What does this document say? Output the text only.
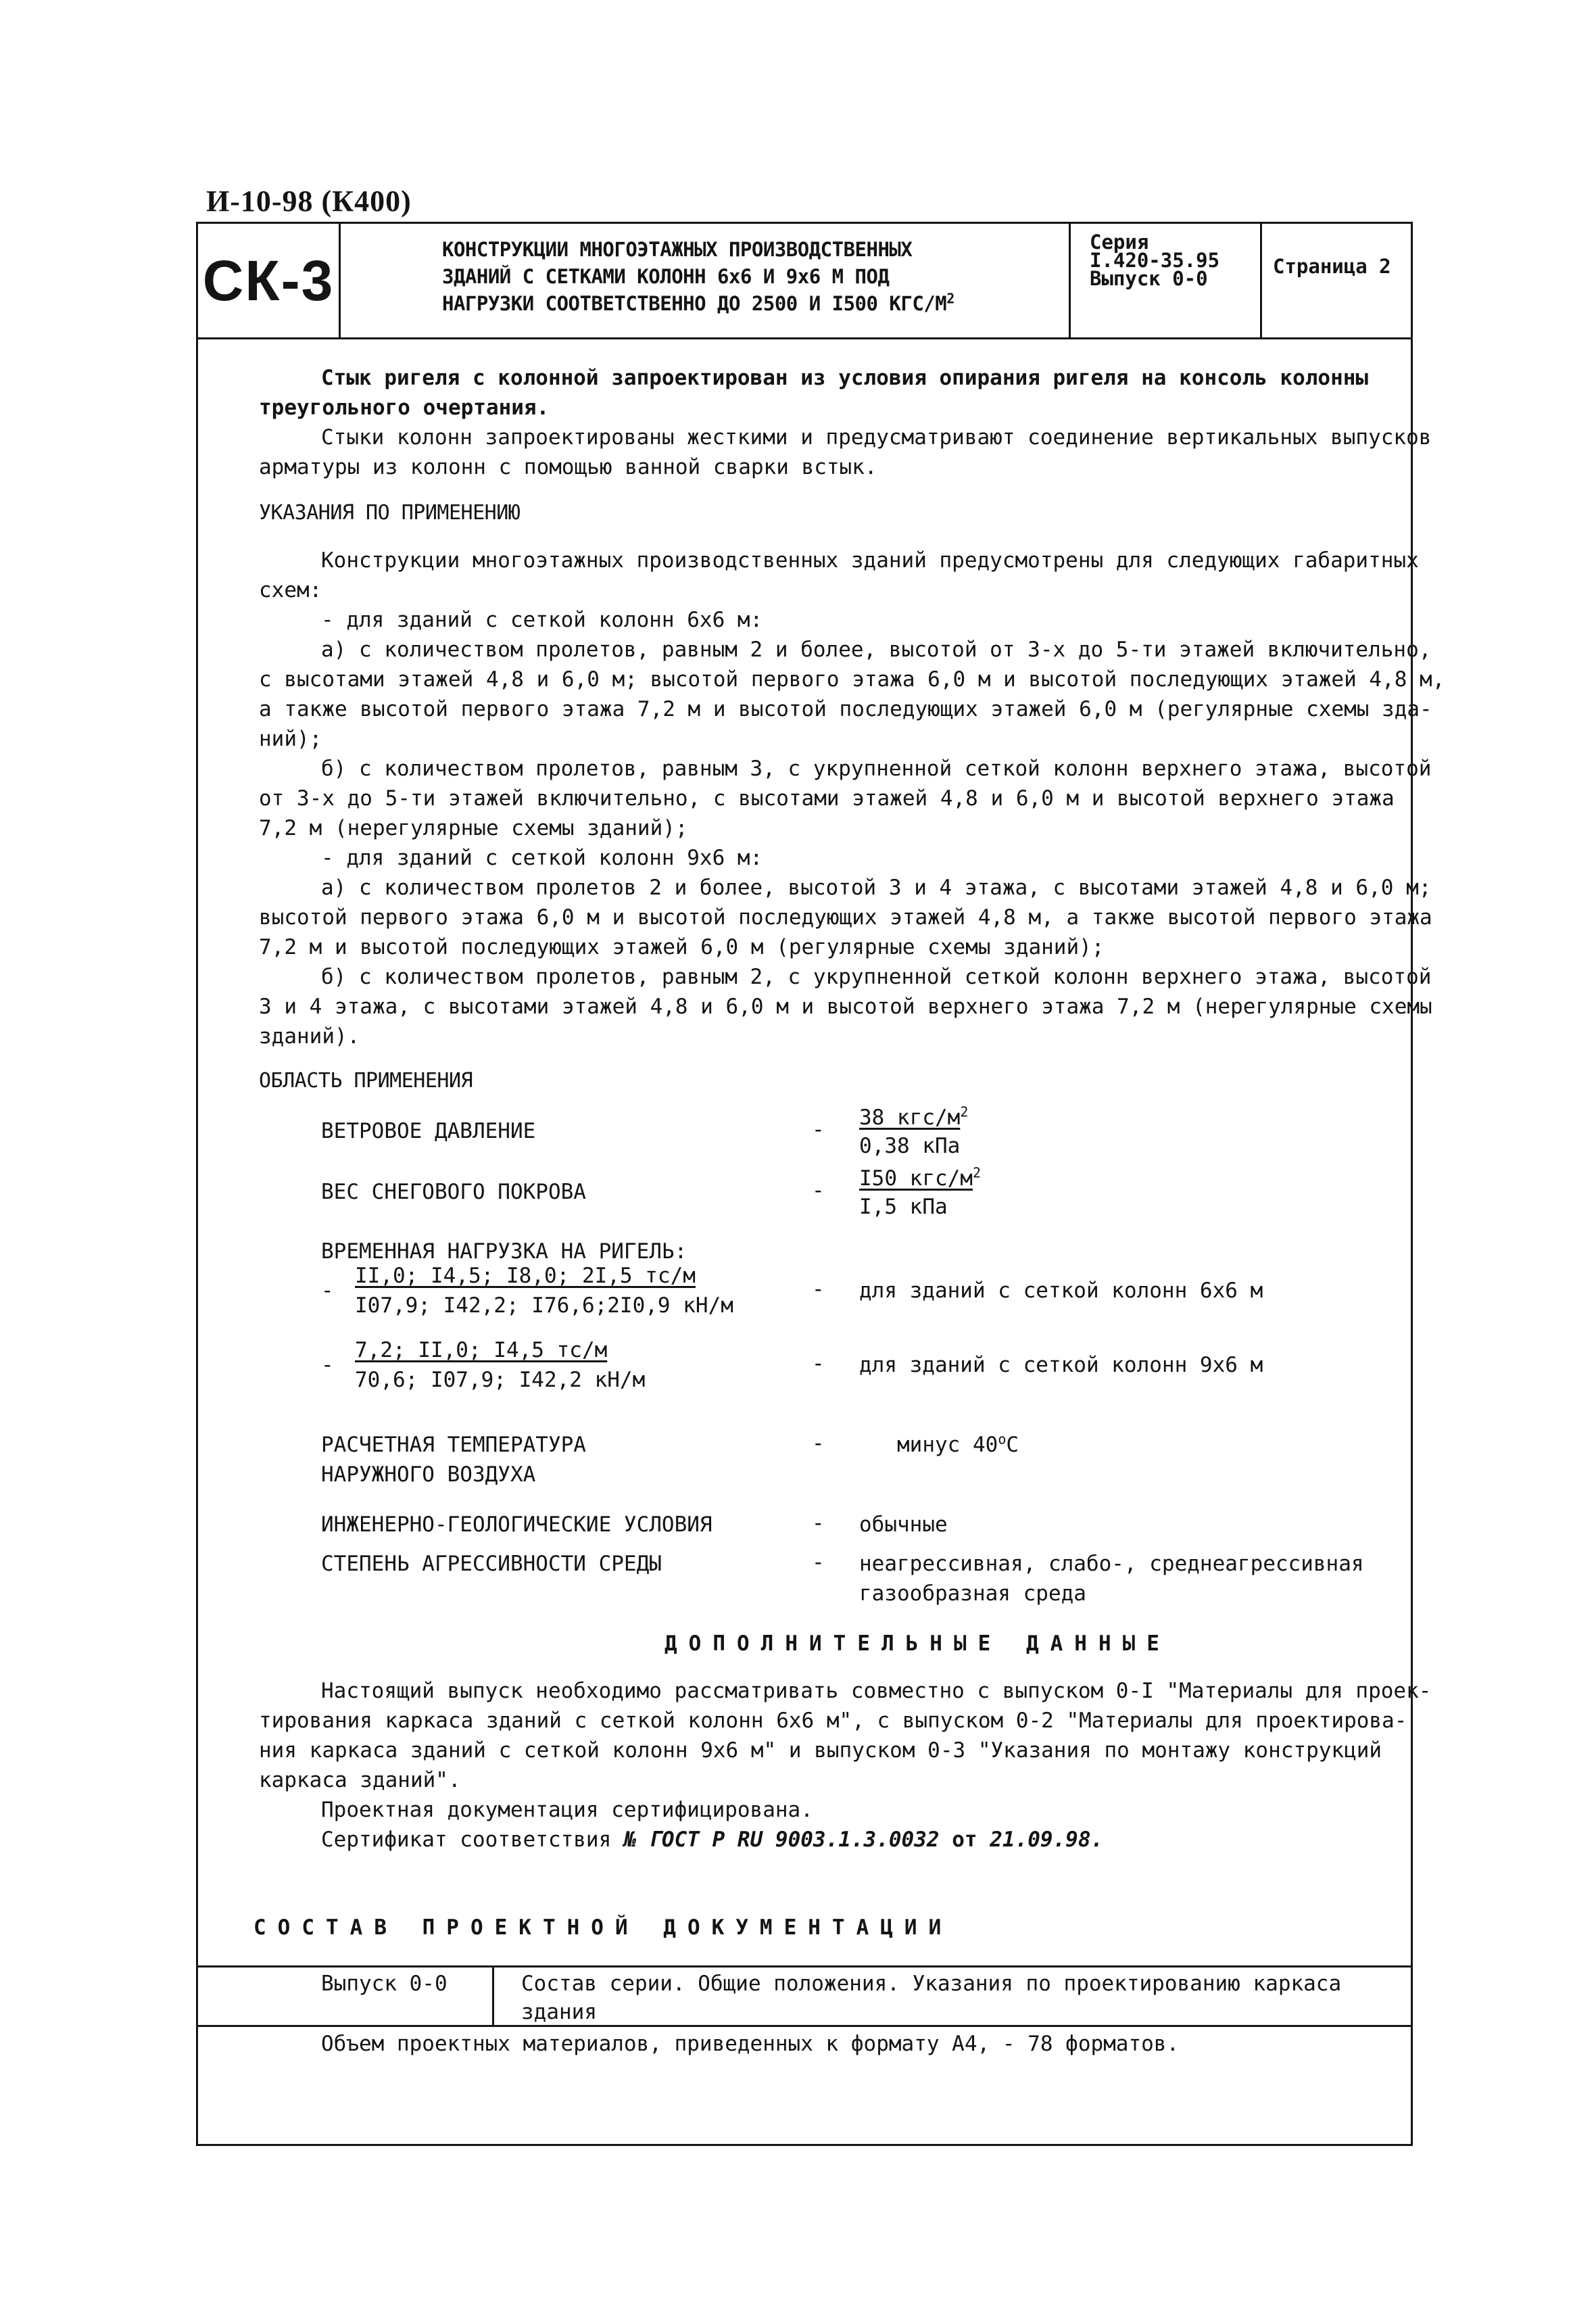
И-10-98 (К400)
СК-3	КОНСТРУКЦИИ МНОГОЭТАЖНЫХ ПРОИЗВОДСТВЕННЫХ
ЗДАНИЙ С СЕТКАМИ КОЛОНН 6х6 И 9х6 М ПОД
НАГРУЗКИ СООТВЕТСТВЕННО ДО 2500 И I500 КГС/$М^2$
Серия
I.420-35.95
Выпуск 0-0
Страница 2
Стык ригеля с колонной запроектирован из условия опирания ригеля на консоль колонны
треугольного очертания.
Стыки колонн запроектированы жесткими и предусматривают соединение вертикальных выпусков
арматуры из колонн с помощью ванной сварки встык.
УКАЗАНИЯ ПО ПРИМЕНЕНИЮ
Конструкции многоэтажных производственных зданий предусмотрены для следующих габаритных
схем:
- для зданий с сеткой колонн 6х6 м:
а) с количеством пролетов, равным 2 и более, высотой от 3-х до 5-ти этажей включительно,
с высотами этажей 4,8 и 6,0 м; высотой первого этажа 6,0 м и высотой последующих этажей 4,8 м,
а также высотой первого этажа 7,2 м и высотой последующих этажей 6,0 м (регулярные схемы зда-
ний);
б) с количеством пролетов, равным 3, с укрупненной сеткой колонн верхнего этажа, высотой
от 3-х до 5-ти этажей включительно, с высотами этажей 4,8 и 6,0 м и высотой верхнего этажа
7,2 м (нерегулярные схемы зданий);
- для зданий с сеткой колонн 9х6 м:
а) с количеством пролетов 2 и более, высотой 3 и 4 этажа, с высотами этажей 4,8 и 6,0 м;
высотой первого этажа 6,0 м и высотой последующих этажей 4,8 м, а также высотой первого этажа
7,2 м и высотой последующих этажей 6,0 м (регулярные схемы зданий);
б) с количеством пролетов, равным 2, с укрупненной сеткой колонн верхнего этажа, высотой
3 и 4 этажа, с высотами этажей 4,8 и 6,0 м и высотой верхнего этажа 7,2 м (нерегулярные схемы
зданий).
ОБЛАСТЬ ПРИМЕНЕНИЯ
ВЕТРОВОЕ ДАВЛЕНИЕ	- 38 кгс/$м^2$
0,38 кПа
ВЕС СНЕГОВОГО ПОКРОВА	- I50 кгс/$м^2$
I,5 кПа
ВРЕМЕННАЯ НАГРУЗКА НА РИГЕЛЬ:
-
II,0; I4,5; I8,0; 2I,5 тс/м
I07,9; I42,2; I76,6;2I0,9 кН/м
- для зданий с сеткой колонн 6х6 м
-
7,2; II,0; I4,5 тс/м
70,6; I07,9; I42,2 кН/м
- для зданий с сеткой колонн 9х6 м
РАСЧЕТНАЯ ТЕМПЕРАТУРА
НАРУЖНОГО ВОЗДУХА
-	минус $40^оС$
ИНЖЕНЕРНО-ГЕОЛОГИЧЕСКИЕ УСЛОВИЯ	- обычные
СТЕПЕНЬ АГРЕССИВНОСТИ СРЕДЫ	- неагрессивная, слабо-, среднеагрессивная
газообразная среда
ДОПОЛНИТЕЛЬНЫЕ ДАННЫЕ
Настоящий выпуск необходимо рассматривать совместно с выпуском 0-I "Материалы для проек-
тирования каркаса зданий с сеткой колонн 6х6 м", с выпуском 0-2 "Материалы для проектирова-
ния каркаса зданий с сеткой колонн 9х6 м" и выпуском 0-3 "Указания по монтажу конструкций
каркаса зданий".
Проектная документация сертифицирована.
Сертификат соответствия № ГОСТ Р RU 9003.1.3.0032 от 21.09.98.
СОСТАВ ПРОЕКТНОЙ ДОКУМЕНТАЦИИ
Выпуск 0-0	Состав серии. Общие положения. Указания по проектированию каркаса
здания
Объем проектных материалов, приведенных к формату А4, - 78 форматов.
